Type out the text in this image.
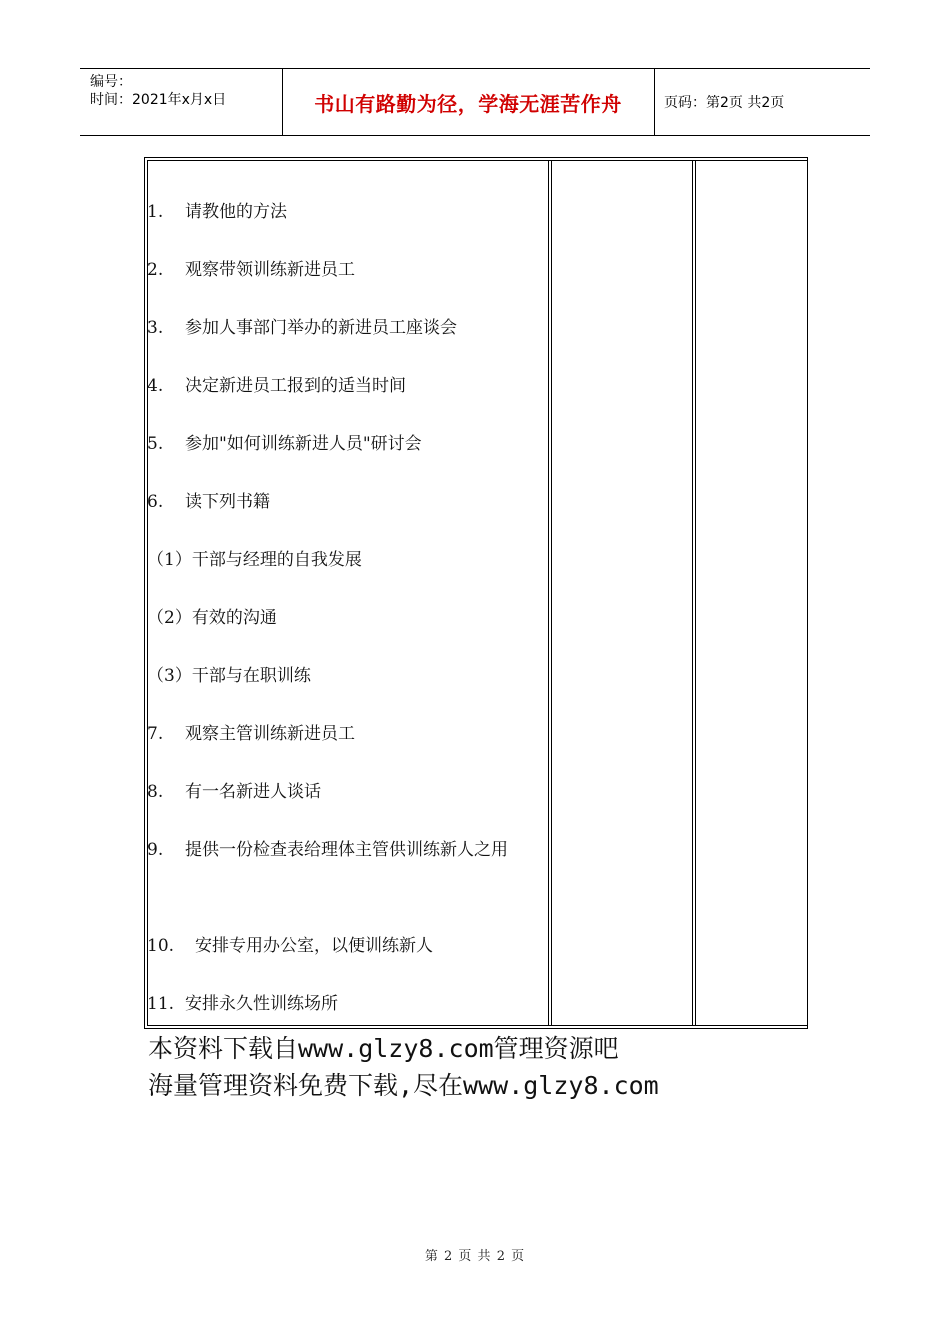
编号：
时间：2021年x月x日	书山有路勤为径，学海无涯苦作舟	页码：第2页 共2页
1. 请教他的方法
2. 观察带领训练新进员工
3. 参加人事部门举办的新进员工座谈会
4. 决定新进员工报到的适当时间
5. 参加"如何训练新进人员"研讨会
6. 读下列书籍
（1）干部与经理的自我发展
（2）有效的沟通
（3）干部与在职训练
7. 观察主管训练新进员工
8. 有一名新进人谈话
9. 提供一份检查表给理体主管供训练新人之用
10. 安排专用办公室，以便训练新人
11. 安排永久性训练场所
本资料下载自www.glzy8.com管理资源吧
海量管理资料免费下载,尽在www.glzy8.com
第 2 页 共 2 页
